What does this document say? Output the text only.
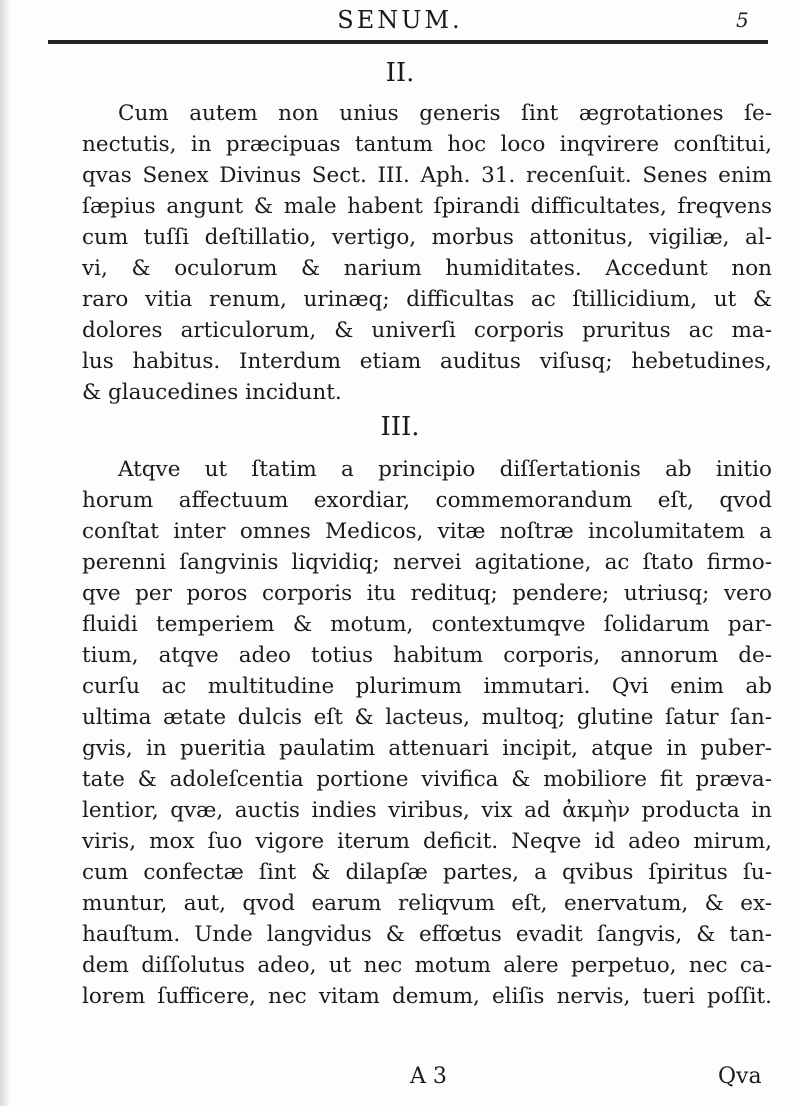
SENUM.	5
II.
Cum autem non unius generis ſint ægrotationes ſe-
nectutis, in præcipuas tantum hoc loco inqvirere conſtitui,
qvas Senex Divinus Sect. III. Aph. 31. recenſuit. Senes enim
ſæpius angunt & male habent ſpirandi difficultates, freqvens
cum tuſſi deſtillatio, vertigo, morbus attonitus, vigiliæ, al-
vi, & oculorum & narium humiditates. Accedunt non
raro vitia renum, urinæq; difficultas ac ſtillicidium, ut &
dolores articulorum, & univerſi corporis pruritus ac ma-
lus habitus. Interdum etiam auditus viſusq; hebetudines,
& glaucedines incidunt.
III.
Atqve ut ſtatim a principio diſſertationis ab initio
horum affectuum exordiar, commemorandum eſt, qvod
conſtat inter omnes Medicos, vitæ noſtræ incolumitatem a
perenni ſangvinis liqvidiq; nervei agitatione, ac ſtato firmo-
qve per poros corporis itu redituq; pendere; utriusq; vero
fluidi temperiem & motum, contextumqve ſolidarum par-
tium, atqve adeo totius habitum corporis, annorum de-
curſu ac multitudine plurimum immutari. Qvi enim ab
ultima ætate dulcis eſt & lacteus, multoq; glutine ſatur ſan-
gvis, in pueritia paulatim attenuari incipit, atque in puber-
tate & adoleſcentia portione vivifica & mobiliore fit præva-
lentior, qvæ, auctis indies viribus, vix ad ἀκμὴν producta in
viris, mox ſuo vigore iterum deficit. Neqve id adeo mirum,
cum confectæ ſint & dilapſæ partes, a qvibus ſpiritus ſu-
muntur, aut, qvod earum reliqvum eſt, enervatum, & ex-
hauſtum. Unde langvidus & effœtus evadit ſangvis, & tan-
dem diſſolutus adeo, ut nec motum alere perpetuo, nec ca-
lorem ſufficere, nec vitam demum, eliſis nervis, tueri poſſit.
A 3	Qva
